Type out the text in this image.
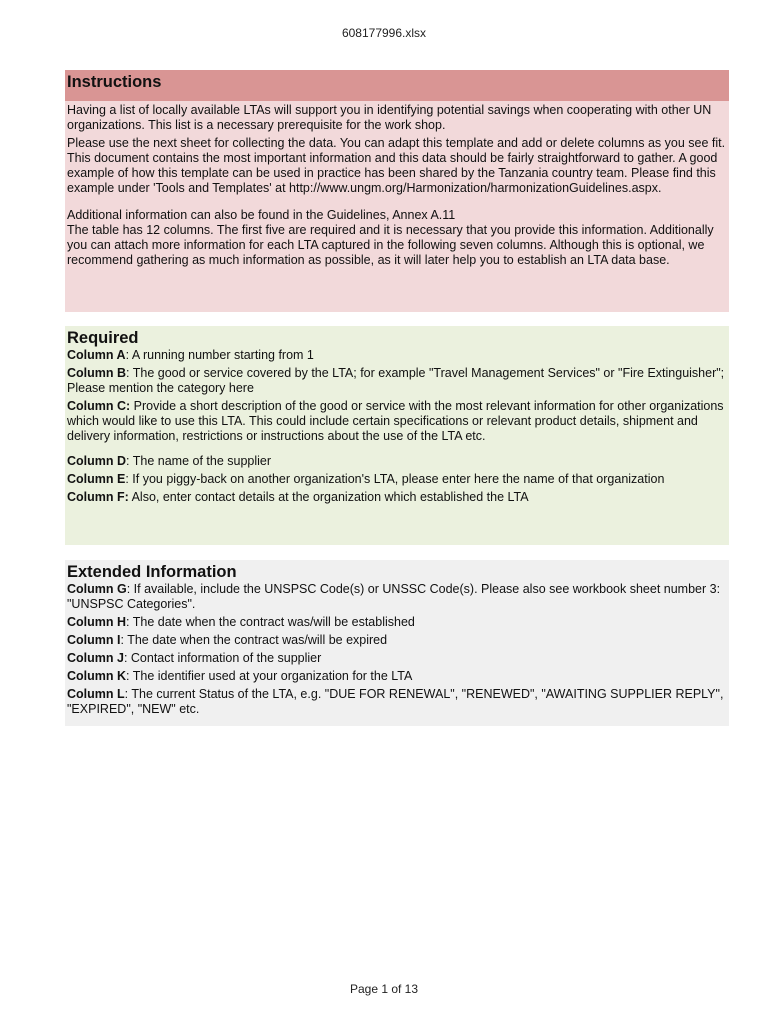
608177996.xlsx
Instructions
Having a list of locally available LTAs will support you in identifying potential savings when cooperating with other UN organizations. This list is a necessary prerequisite for the work shop.
Please use the next sheet for collecting the data. You can adapt this template and add or delete columns as you see fit. This document contains the most important information and this data should be fairly straightforward to gather. A good example of how this template can be used in practice has been shared by the Tanzania country team. Please find this example under 'Tools and Templates' at http://www.ungm.org/Harmonization/harmonizationGuidelines.aspx.
Additional information can also be found in the Guidelines, Annex A.11
The table has 12 columns. The first five are required and it is necessary that you provide this information. Additionally you can attach more information for each LTA captured in the following seven columns. Although this is optional, we recommend gathering as much information as possible, as it will later help you to establish an LTA data base.
Required
Column A: A running number starting from 1
Column B: The good or service covered by the LTA; for example "Travel Management Services" or "Fire Extinguisher"; Please mention the category here
Column C: Provide a short description of the good or service with the most relevant information for other organizations which would like to use this LTA. This could include certain specifications or relevant product details, shipment and delivery information, restrictions or instructions about the use of the LTA etc.
Column D: The name of the supplier
Column E: If you piggy-back on another organization's LTA, please enter here the name of that organization
Column F: Also, enter contact details at the organization which established the LTA
Extended Information
Column G: If available, include the UNSPSC Code(s) or UNSSC Code(s). Please also see workbook sheet number 3: "UNSPSC Categories".
Column H: The date when the contract was/will be established
Column I: The date when the contract was/will be expired
Column J: Contact information of the supplier
Column K: The identifier used at your organization for the LTA
Column L: The current Status of the LTA, e.g. "DUE FOR RENEWAL", "RENEWED", "AWAITING SUPPLIER REPLY", "EXPIRED", "NEW" etc.
Page 1 of 13
